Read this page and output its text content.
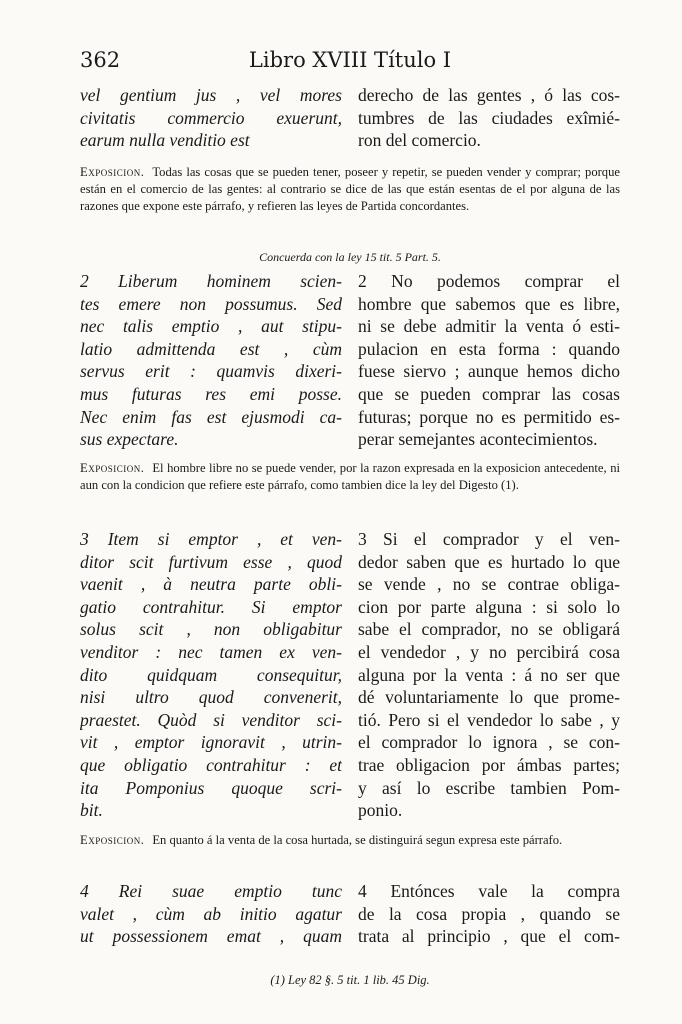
362	Libro XVIII Título I
vel gentium jus , vel mores
civitatis commercio exuerunt,
earum nulla venditio est
derecho de las gentes , ó las cos-
tumbres de las ciudades exîmié-
ron del comercio.

Exposicion. Todas las cosas que se pueden tener, poseer y repetir, se pueden vender y comprar; porque están en el comercio de las gentes: al contrario se dice de las que están esentas de el por alguna de las razones que expone este párrafo, y refieren las leyes de Partida concordantes.

Concuerda con la ley 15 tit. 5 Part. 5.
2 Liberum hominem scien-
tes emere non possumus. Sed
nec talis emptio , aut stipu-
latio admittenda est , cùm
servus erit : quamvis dixeri-
mus futuras res emi posse.
Nec enim fas est ejusmodi ca-
sus expectare.
2 No podemos comprar el
hombre que sabemos que es libre,
ni se debe admitir la venta ó esti-
pulacion en esta forma : quando
fuese siervo ; aunque hemos dicho
que se pueden comprar las cosas
futuras; porque no es permitido es-
perar semejantes acontecimientos.

Exposicion. El hombre libre no se puede vender, por la razon expresada en la exposicion antecedente, ni aun con la condicion que refiere este párrafo, como tambien dice la ley del Digesto (1).

3 Item si emptor , et ven-
ditor scit furtivum esse , quod
vaenit , à neutra parte obli-
gatio contrahitur. Si emptor
solus scit , non obligabitur
venditor : nec tamen ex ven-
dito quidquam consequitur,
nisi ultro quod convenerit,
praestet. Quòd si venditor sci-
vit , emptor ignoravit , utrin-
que obligatio contrahitur : et
ita Pomponius quoque scri-
bit.
3 Si el comprador y el ven-
dedor saben que es hurtado lo que
se vende , no se contrae obliga-
cion por parte alguna : si solo lo
sabe el comprador, no se obligará
el vendedor , y no percibirá cosa
alguna por la venta : á no ser que
dé voluntariamente lo que prome-
tió. Pero si el vendedor lo sabe , y
el comprador lo ignora , se con-
trae obligacion por ámbas partes;
y así lo escribe tambien Pom-
ponio.

Exposicion. En quanto á la venta de la cosa hurtada, se distinguirá segun expresa este párrafo.

4 Rei suae emptio tunc
valet , cùm ab initio agatur
ut possessionem emat , quam
4 Entónces vale la compra
de la cosa propia , quando se
trata al principio , que el com-
(1) Ley 82 §. 5 tit. 1 lib. 45 Dig.
